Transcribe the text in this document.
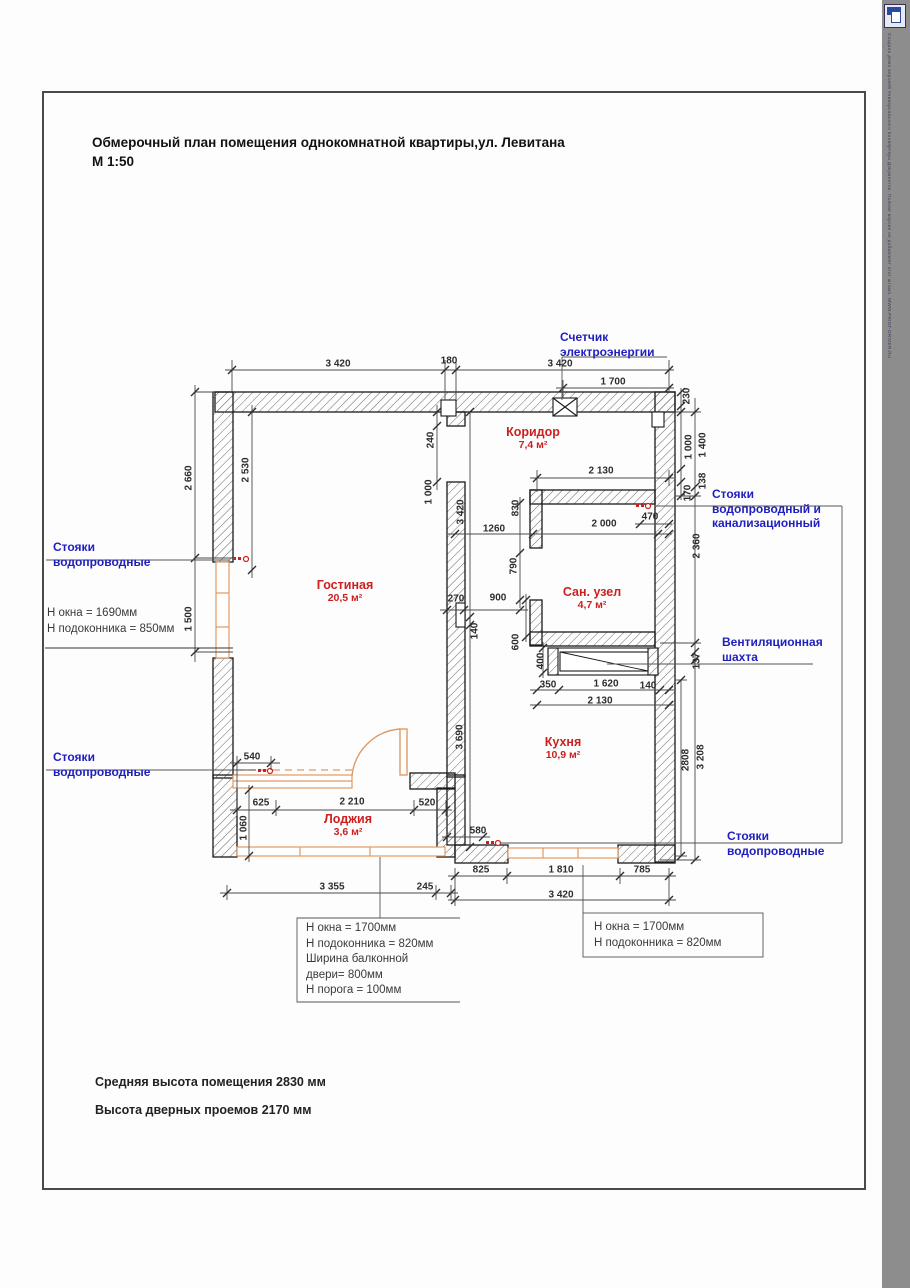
3 420	180	3 420
1 700
230
1 000 1 400
138
170
2 360
137
2808 3 208
2 660	2 530
1 500
240
1 000
3 420
3 690
2 130
830
1260	2 000
470
790
270	900
140
600
400
350	1 620 140
2 130
540
625	2 210	520
1 060
3 355	245
580
825	1 810	785
3 420
Гостиная
20,5 м²
Коридор
7,4 м²
Сан. узел
4,7 м²
Кухня
10,9 м²
Лоджия
3,6 м²
Счетчик
электроэнергии
Стояки
водопроводный и
канализационный
Вентиляционная
шахта
Стояки
водопроводные
Стояки
водопроводные
Стояки
водопроводные
Н окна = 1690мм
Н подоконника = 850мм
Н окна = 1700мм
Н подоконника = 820мм
Ширина балконной
двери= 800мм
Н порога = 100мм
Н окна = 1700мм
Н подоконника = 820мм
Обмерочный план помещения однокомнатной квартиры,ул. Левитана
М 1:50
Средняя высота помещения 2830 мм
Высота дверных проемов 2170 мм
Создано демо версией Универсального Конвертера Документов. Полная версия не добавляет этот штамп. WWW.PRINT-DRIVER.RU
